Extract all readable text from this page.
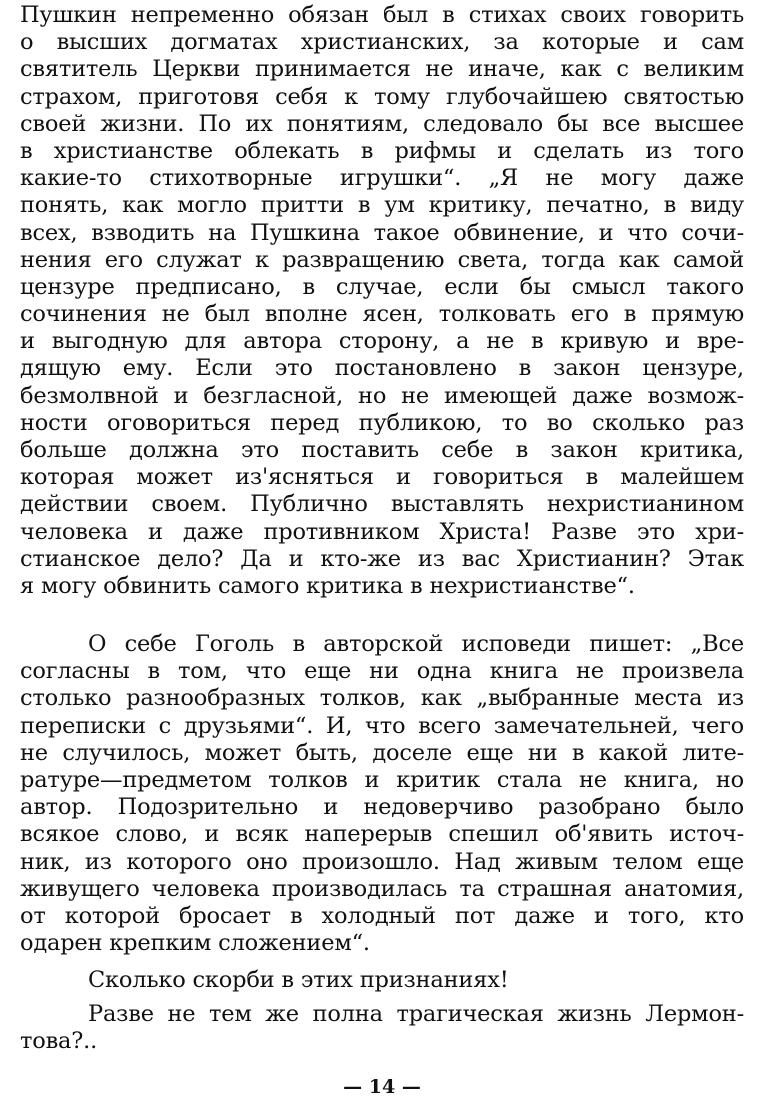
Пушкин непременно обязан был в стихах своих говорить
о высших догматах христианских, за которые и сам
святитель Церкви принимается не иначе, как с великим
страхом, приготовя себя к тому глубочайшею святостью
своей жизни. По их понятиям, следовало бы все высшее
в христианстве облекать в рифмы и сделать из того
какие-то стихотворные игрушки“. „Я не могу даже
понять, как могло притти в ум критику, печатно, в виду
всех, взводить на Пушкина такое обвинение, и что сочи-
нения его служат к развращению света, тогда как самой
цензуре предписано, в случае, если бы смысл такого
сочинения не был вполне ясен, толковать его в прямую
и выгодную для автора сторону, а не в кривую и вре-
дящую ему. Если это постановлено в закон цензуре,
безмолвной и безгласной, но не имеющей даже возмож-
ности оговориться перед публикою, то во сколько раз
больше должна это поставить себе в закон критика,
которая может из'ясняться и говориться в малейшем
действии своем. Публично выставлять нехристианином
человека и даже противником Христа! Разве это хри-
стианское дело? Да и кто-же из вас Христианин? Этак
я могу обвинить самого критика в нехристианстве“.
О себе Гоголь в авторской исповеди пишет: „Все
согласны в том, что еще ни одна книга не произвела
столько разнообразных толков, как „выбранные места из
переписки с друзьями“. И, что всего замечательней, чего
не случилось, может быть, доселе еще ни в какой лите-
ратуре—предметом толков и критик стала не книга, но
автор. Подозрительно и недоверчиво разобрано было
всякое слово, и всяк наперерыв спешил об'явить источ-
ник, из которого оно произошло. Над живым телом еще
живущего человека производилась та страшная анатомия,
от которой бросает в холодный пот даже и того, кто
одарен крепким сложением“.
Сколько скорби в этих признаниях!
Разве не тем же полна трагическая жизнь Лермон-
това?..
— 14 —
